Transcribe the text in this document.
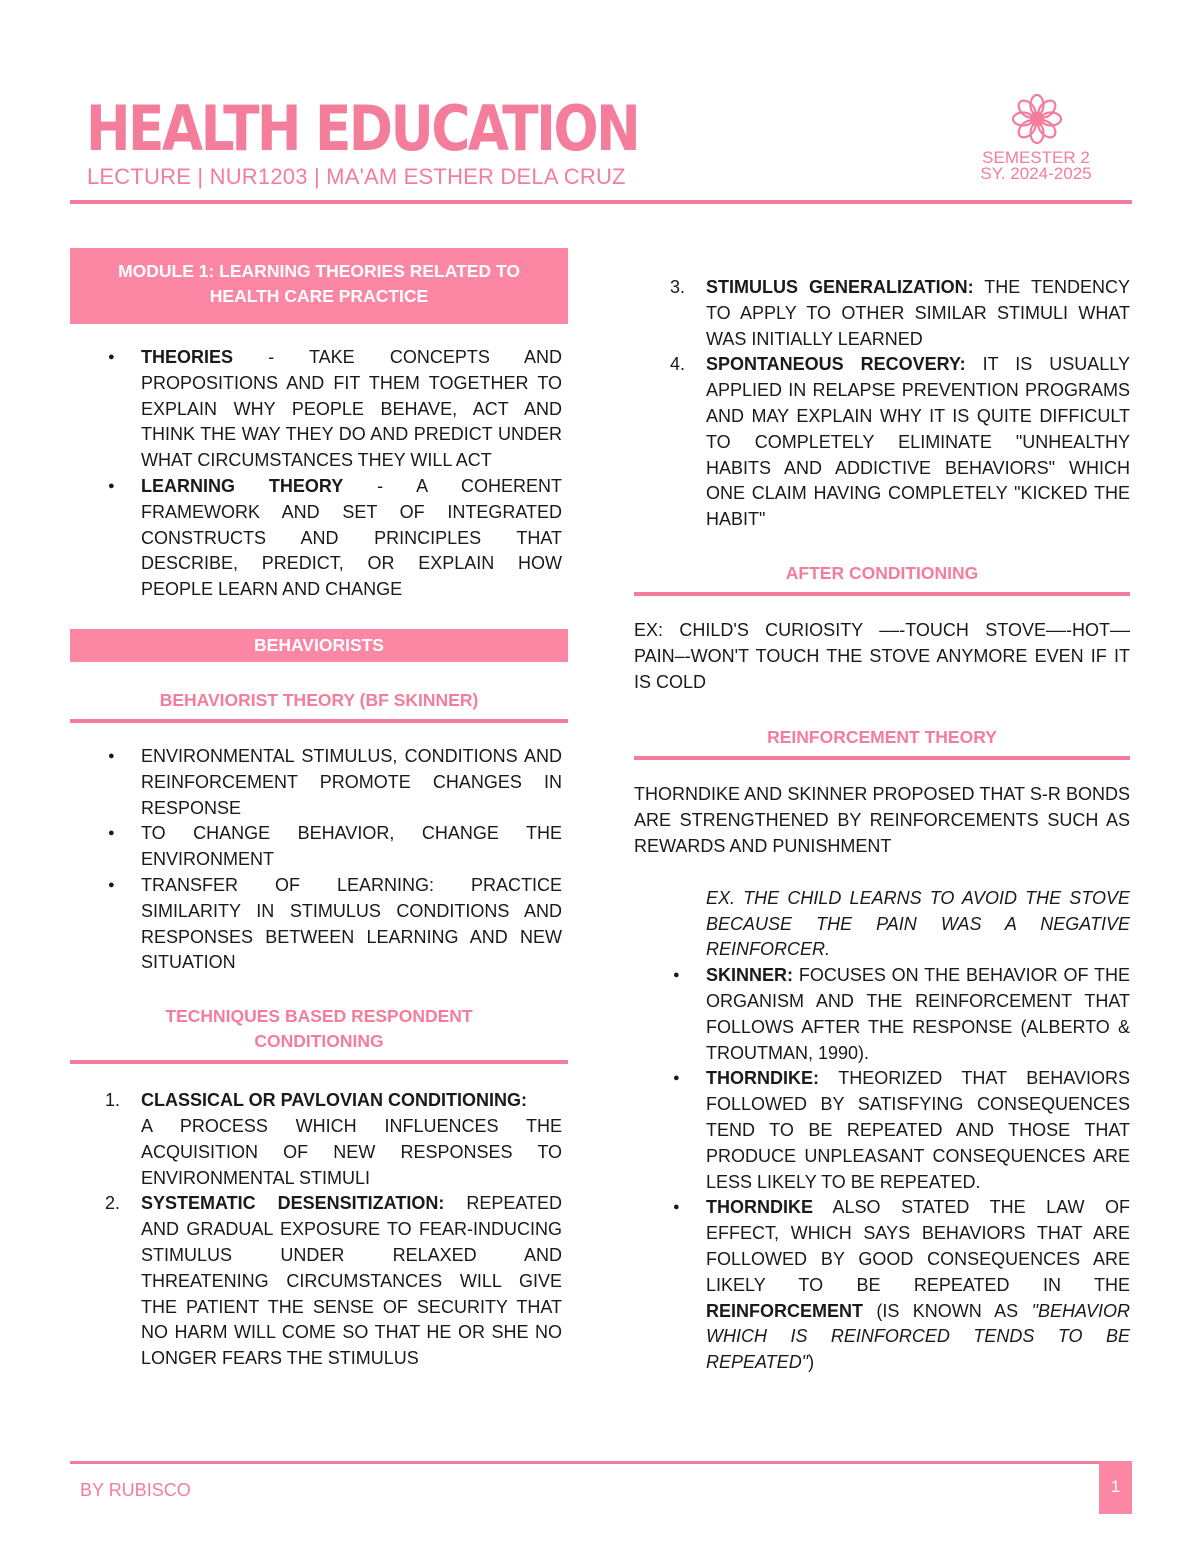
HEALTH EDUCATION
LECTURE | NUR1203 | MA'AM ESTHER DELA CRUZ
SEMESTER 2
SY. 2024-2025
MODULE 1: LEARNING THEORIES RELATED TO HEALTH CARE PRACTICE
● THEORIES - TAKE CONCEPTS AND PROPOSITIONS AND FIT THEM TOGETHER TO EXPLAIN WHY PEOPLE BEHAVE, ACT AND THINK THE WAY THEY DO AND PREDICT UNDER WHAT CIRCUMSTANCES THEY WILL ACT
● LEARNING THEORY - A COHERENT FRAMEWORK AND SET OF INTEGRATED CONSTRUCTS AND PRINCIPLES THAT DESCRIBE, PREDICT, OR EXPLAIN HOW PEOPLE LEARN AND CHANGE
BEHAVIORISTS
BEHAVIORIST THEORY (BF SKINNER)
● ENVIRONMENTAL STIMULUS, CONDITIONS AND REINFORCEMENT PROMOTE CHANGES IN RESPONSE
● TO CHANGE BEHAVIOR, CHANGE THE ENVIRONMENT
● TRANSFER OF LEARNING: PRACTICE SIMILARITY IN STIMULUS CONDITIONS AND RESPONSES BETWEEN LEARNING AND NEW SITUATION
TECHNIQUES BASED RESPONDENT CONDITIONING
1. CLASSICAL OR PAVLOVIAN CONDITIONING:
A PROCESS WHICH INFLUENCES THE ACQUISITION OF NEW RESPONSES TO ENVIRONMENTAL STIMULI
2. SYSTEMATIC DESENSITIZATION: REPEATED AND GRADUAL EXPOSURE TO FEAR-INDUCING STIMULUS UNDER RELAXED AND THREATENING CIRCUMSTANCES WILL GIVE THE PATIENT THE SENSE OF SECURITY THAT NO HARM WILL COME SO THAT HE OR SHE NO LONGER FEARS THE STIMULUS
3. STIMULUS GENERALIZATION: THE TENDENCY TO APPLY TO OTHER SIMILAR STIMULI WHAT WAS INITIALLY LEARNED
4. SPONTANEOUS RECOVERY: IT IS USUALLY APPLIED IN RELAPSE PREVENTION PROGRAMS AND MAY EXPLAIN WHY IT IS QUITE DIFFICULT TO COMPLETELY ELIMINATE "UNHEALTHY HABITS AND ADDICTIVE BEHAVIORS" WHICH ONE CLAIM HAVING COMPLETELY "KICKED THE HABIT"
AFTER CONDITIONING
EX: CHILD'S CURIOSITY ––-TOUCH STOVE––-HOT––PAIN–-WON'T TOUCH THE STOVE ANYMORE EVEN IF IT IS COLD
REINFORCEMENT THEORY
THORNDIKE AND SKINNER PROPOSED THAT S-R BONDS ARE STRENGTHENED BY REINFORCEMENTS SUCH AS REWARDS AND PUNISHMENT
EX. THE CHILD LEARNS TO AVOID THE STOVE BECAUSE THE PAIN WAS A NEGATIVE REINFORCER.
● SKINNER: FOCUSES ON THE BEHAVIOR OF THE ORGANISM AND THE REINFORCEMENT THAT FOLLOWS AFTER THE RESPONSE (ALBERTO & TROUTMAN, 1990).
● THORNDIKE: THEORIZED THAT BEHAVIORS FOLLOWED BY SATISFYING CONSEQUENCES TEND TO BE REPEATED AND THOSE THAT PRODUCE UNPLEASANT CONSEQUENCES ARE LESS LIKELY TO BE REPEATED.
● THORNDIKE ALSO STATED THE LAW OF EFFECT, WHICH SAYS BEHAVIORS THAT ARE FOLLOWED BY GOOD CONSEQUENCES ARE LIKELY TO BE REPEATED IN THE REINFORCEMENT (IS KNOWN AS "BEHAVIOR WHICH IS REINFORCED TENDS TO BE REPEATED")
BY RUBISCO	1
